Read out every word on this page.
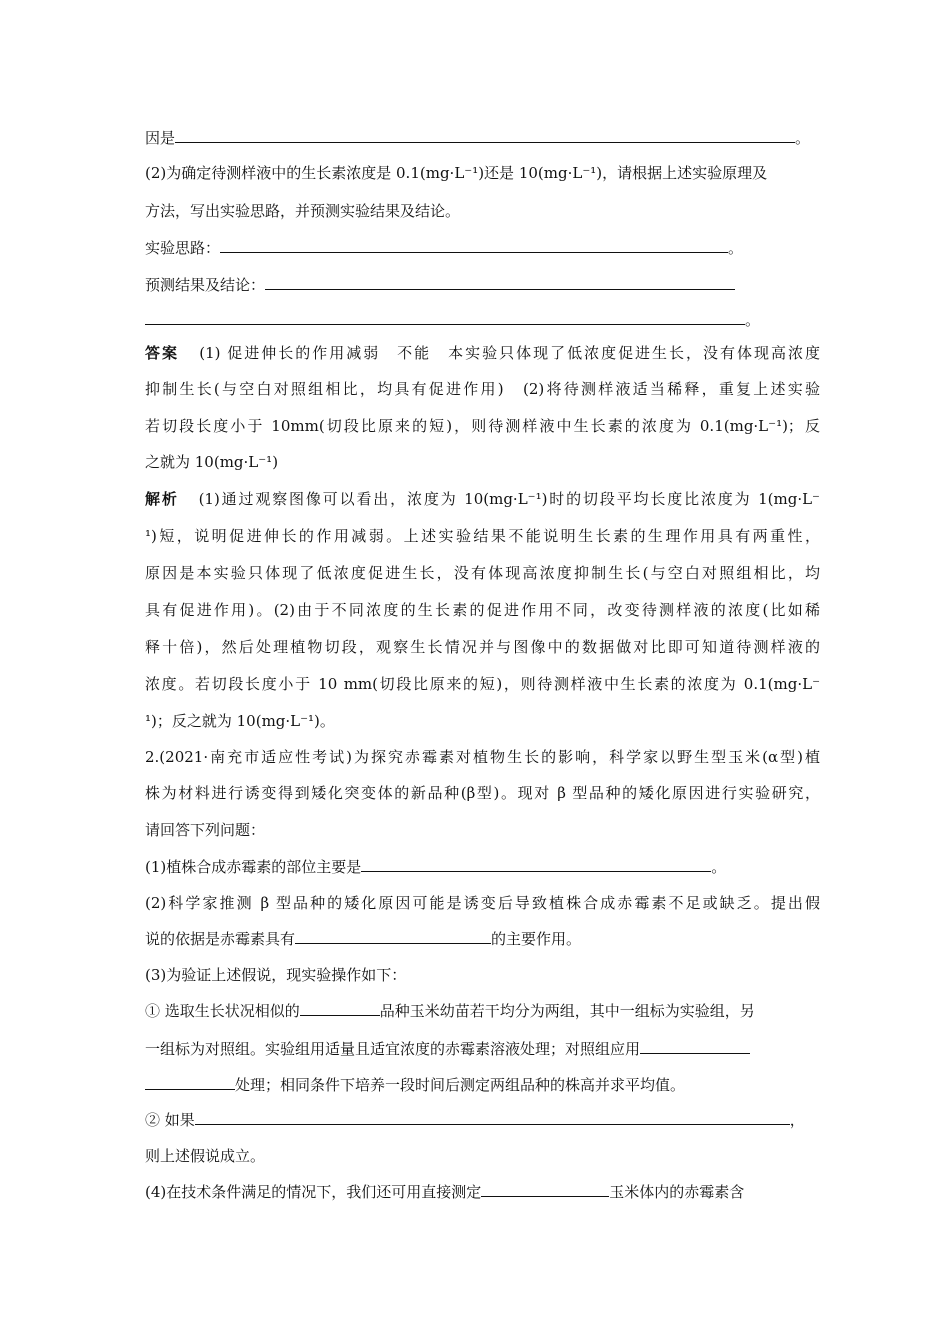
因是	。
(2)为确定待测样液中的生长素浓度是 0.1(mg·L⁻¹)还是 10(mg·L⁻¹)，请根据上述实验原理及
方法，写出实验思路，并预测实验结果及结论。
实验思路：	。
预测结果及结论：
。
答案 (1) 促进伸长的作用减弱　不能　本实验只体现了低浓度促进生长，没有体现高浓度
抑制生长(与空白对照组相比，均具有促进作用)　(2)将待测样液适当稀释，重复上述实验
若切段长度小于 10mm(切段比原来的短)，则待测样液中生长素的浓度为 0.1(mg·L⁻¹)；反
之就为 10(mg·L⁻¹)
解析 (1)通过观察图像可以看出，浓度为 10(mg·L⁻¹)时的切段平均长度比浓度为 1(mg·L⁻
¹)短，说明促进伸长的作用减弱。上述实验结果不能说明生长素的生理作用具有两重性，
原因是本实验只体现了低浓度促进生长，没有体现高浓度抑制生长(与空白对照组相比，均
具有促进作用)。(2)由于不同浓度的生长素的促进作用不同，改变待测样液的浓度(比如稀
释十倍)，然后处理植物切段，观察生长情况并与图像中的数据做对比即可知道待测样液的
浓度。若切段长度小于 10 mm(切段比原来的短)，则待测样液中生长素的浓度为 0.1(mg·L⁻
¹)；反之就为 10(mg·L⁻¹)。
2.(2021·南充市适应性考试)为探究赤霉素对植物生长的影响，科学家以野生型玉米(α型)植
株为材料进行诱变得到矮化突变体的新品种(β型)。现对 β 型品种的矮化原因进行实验研究，
请回答下列问题：
(1)植株合成赤霉素的部位主要是	。
(2)科学家推测 β 型品种的矮化原因可能是诱变后导致植株合成赤霉素不足或缺乏。提出假
说的依据是赤霉素具有	的主要作用。
(3)为验证上述假说，现实验操作如下：
① 选取生长状况相似的	品种玉米幼苗若干均分为两组，其中一组标为实验组，另
一组标为对照组。实验组用适量且适宜浓度的赤霉素溶液处理；对照组应用
处理；相同条件下培养一段时间后测定两组品种的株高并求平均值。
② 如果	，
则上述假说成立。
(4)在技术条件满足的情况下，我们还可用直接测定	玉米体内的赤霉素含
